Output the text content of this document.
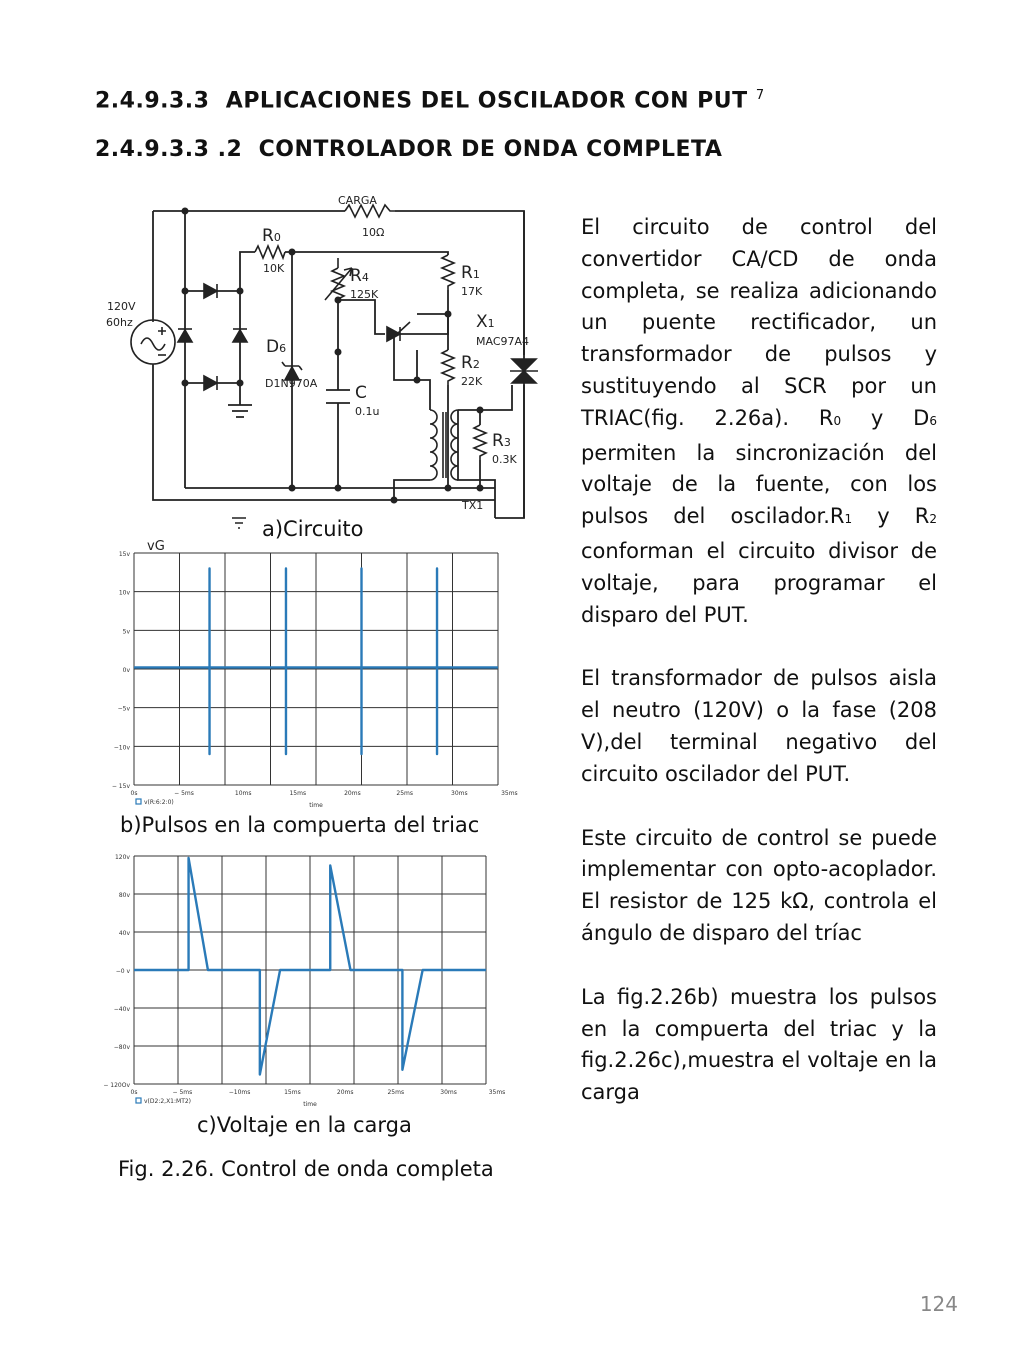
2.4.9.3.3  APLICACIONES DEL OSCILADOR CON PUT $^7$
2.4.9.3.3 .2  CONTROLADOR DE ONDA COMPLETA
CARGA
10Ω
120V
60hz
10K
125K	17K
MAC97A4
22K
D1N970A
0.1u
0.3K
TX1
R0
R4	R1
X1
R2
D6
C
R3
a)Circuito
15v
10v
5v
0v
−5v
−10v
− 15v
0s	− 5ms	10ms	15ms	20ms	25ms	30ms	35ms
time
v(R:6:2:0)
vG
b)Pulsos en la compuerta del triac
120v
80v
40v
−0 v
−40v
−80v
− 120Ov
0s	− 5ms	−10ms	15ms	20ms	25ms	30ms	35ms
time
v(D2:2,X1:MT2)
c)Voltaje en la carga
Fig. 2.26. Control de onda completa

El circuito de control del convertidor CA/CD de onda completa, se realiza adicionando un puente rectificador, un transformador de pulsos y sustituyendo al SCR por un TRIAC(fig. 2.26a). R0 y D6 permiten la sincronización del voltaje de la fuente, con los pulsos del oscilador.R1 y R2 conforman el circuito divisor de voltaje, para programar el disparo del PUT.

El transformador de pulsos aisla el neutro (120V) o la fase (208 V),del terminal negativo del circuito oscilador del PUT.

Este circuito de control se puede implementar con opto-acoplador. El resistor de 125 kΩ, controla el ángulo de disparo del tríac

La fig.2.26b) muestra los pulsos en la compuerta del triac y la fig.2.26c),muestra el voltaje en la carga

124
